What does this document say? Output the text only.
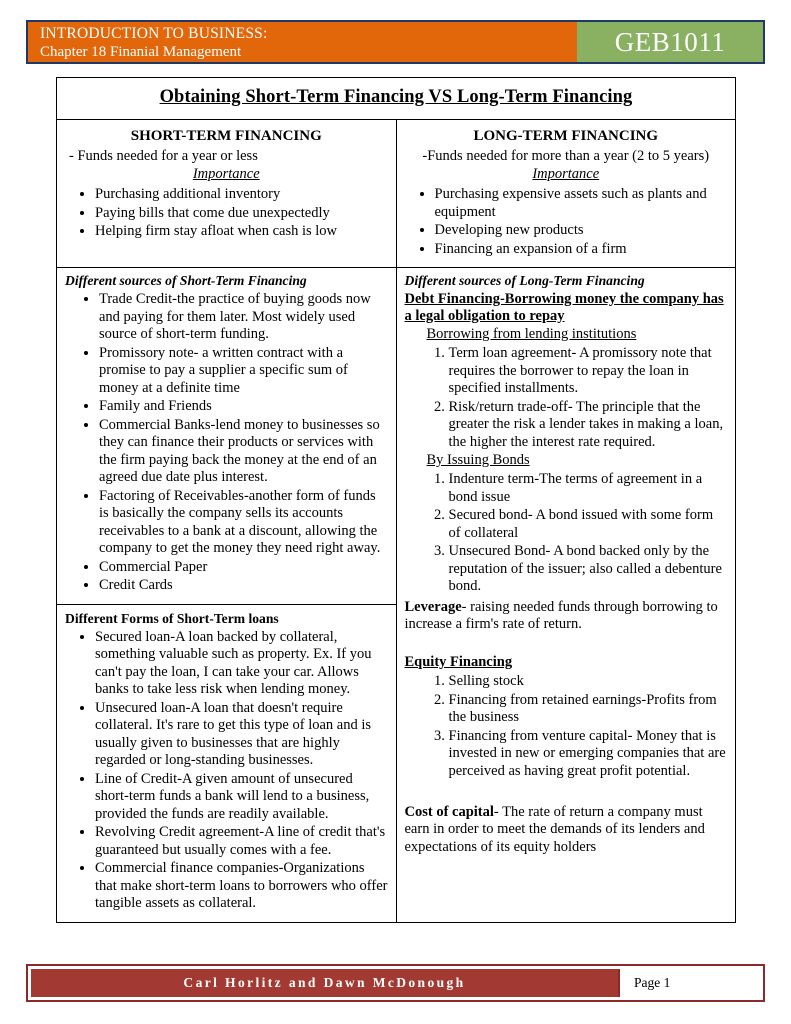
INTRODUCTION TO BUSINESS:
Chapter 18 Finanial Management	GEB1011
Obtaining Short-Term Financing VS Long-Term Financing	

SHORT-TERM FINANCING
- Funds needed for a year or less
Importance
• Purchasing additional inventory
• Paying bills that come due unexpectedly
• Helping firm stay afloat when cash is low

LONG-TERM FINANCING
-Funds needed for more than a year (2 to 5 years)
Importance
• Purchasing expensive assets such as plants and equipment
• Developing new products
• Financing an expansion of a firm

Different sources of Short-Term Financing
• Trade Credit-the practice of buying goods now and paying for them later. Most widely used source of short-term funding.
• Promissory note- a written contract with a promise to pay a supplier a specific sum of money at a definite time
• Family and Friends
• Commercial Banks-lend money to businesses so they can finance their products or services with the firm paying back the money at the end of an agreed due date plus interest.
• Factoring of Receivables-another form of funds is basically the company sells its accounts receivables to a bank at a discount, allowing the company to get the money they need right away.
• Commercial Paper
• Credit Cards

Different sources of Long-Term Financing
Debt Financing-Borrowing money the company has a legal obligation to repay
Borrowing from lending institutions
1. Term loan agreement- A promissory note that requires the borrower to repay the loan in specified installments.
2. Risk/return trade-off- The principle that the greater the risk a lender takes in making a loan, the higher the interest rate required.
By Issuing Bonds
1. Indenture term-The terms of agreement in a bond issue
2. Secured bond- A bond issued with some form of collateral
3. Unsecured Bond- A bond backed only by the reputation of the issuer; also called a debenture bond.

Leverage- raising needed funds through borrowing to increase a firm's rate of return.

Equity Financing
1. Selling stock
2. Financing from retained earnings-Profits from the business
3. Financing from venture capital- Money that is invested in new or emerging companies that are perceived as having great profit potential.

Cost of capital- The rate of return a company must earn in order to meet the demands of its lenders and expectations of its equity holders

Different Forms of Short-Term loans
• Secured loan-A loan backed by collateral, something valuable such as property. Ex. If you can't pay the loan, I can take your car. Allows banks to take less risk when lending money.
• Unsecured loan-A loan that doesn't require collateral. It's rare to get this type of loan and is usually given to businesses that are highly regarded or long-standing businesses.
• Line of Credit-A given amount of unsecured short-term funds a bank will lend to a business, provided the funds are readily available.
• Revolving Credit agreement-A line of credit that's guaranteed but usually comes with a fee.
• Commercial finance companies-Organizations that make short-term loans to borrowers who offer tangible assets as collateral.
Carl Horlitz and Dawn McDonough	Page 1
